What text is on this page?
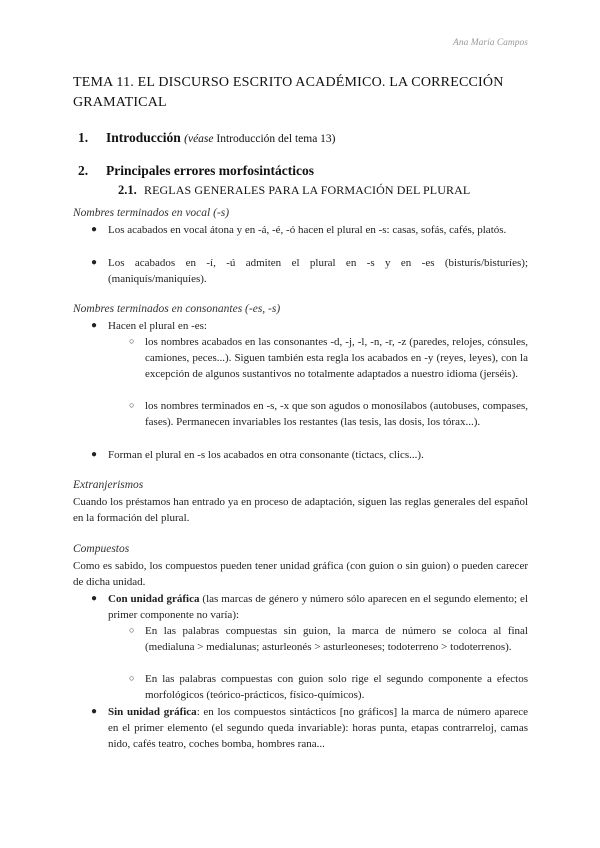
Ana María Campos
TEMA 11. EL DISCURSO ESCRITO ACADÉMICO. LA CORRECCIÓN GRAMATICAL
1. Introducción (véase Introducción del tema 13)
2. Principales errores morfosintácticos
2.1. REGLAS GENERALES PARA LA FORMACIÓN DEL PLURAL
Nombres terminados en vocal (-s)
● Los acabados en vocal átona y en -á, -é, -ó hacen el plural en -s: casas, sofás, cafés, platós.
● Los acabados en -í, -ú admiten el plural en -s y en -es (bisturís/bisturíes); (maniquís/maniquíes).
Nombres terminados en consonantes (-es, -s)
● Hacen el plural en -es:
○ los nombres acabados en las consonantes -d, -j, -l, -n, -r, -z (paredes, relojes, cónsules, camiones, peces...). Siguen también esta regla los acabados en -y (reyes, leyes), con la excepción de algunos sustantivos no totalmente adaptados a nuestro idioma (jerséis).
○ los nombres terminados en -s, -x que son agudos o monosílabos (autobuses, compases, fases). Permanecen invariables los restantes (las tesis, las dosis, los tórax...).
● Forman el plural en -s los acabados en otra consonante (tictacs, clics...).
Extranjerismos
Cuando los préstamos han entrado ya en proceso de adaptación, siguen las reglas generales del español en la formación del plural.
Compuestos
Como es sabido, los compuestos pueden tener unidad gráfica (con guion o sin guion) o pueden carecer de dicha unidad.
● Con unidad gráfica (las marcas de género y número sólo aparecen en el segundo elemento; el primer componente no varía):
○ En las palabras compuestas sin guion, la marca de número se coloca al final (medialuna > medialunas; asturleonés > asturleoneses; todoterreno > todoterrenos).
○ En las palabras compuestas con guion solo rige el segundo componente a efectos morfológicos (teórico-prácticos, físico-químicos).
● Sin unidad gráfica: en los compuestos sintácticos [no gráficos] la marca de número aparece en el primer elemento (el segundo queda invariable): horas punta, etapas contrarreloj, camas nido, cafés teatro, coches bomba, hombres rana...
